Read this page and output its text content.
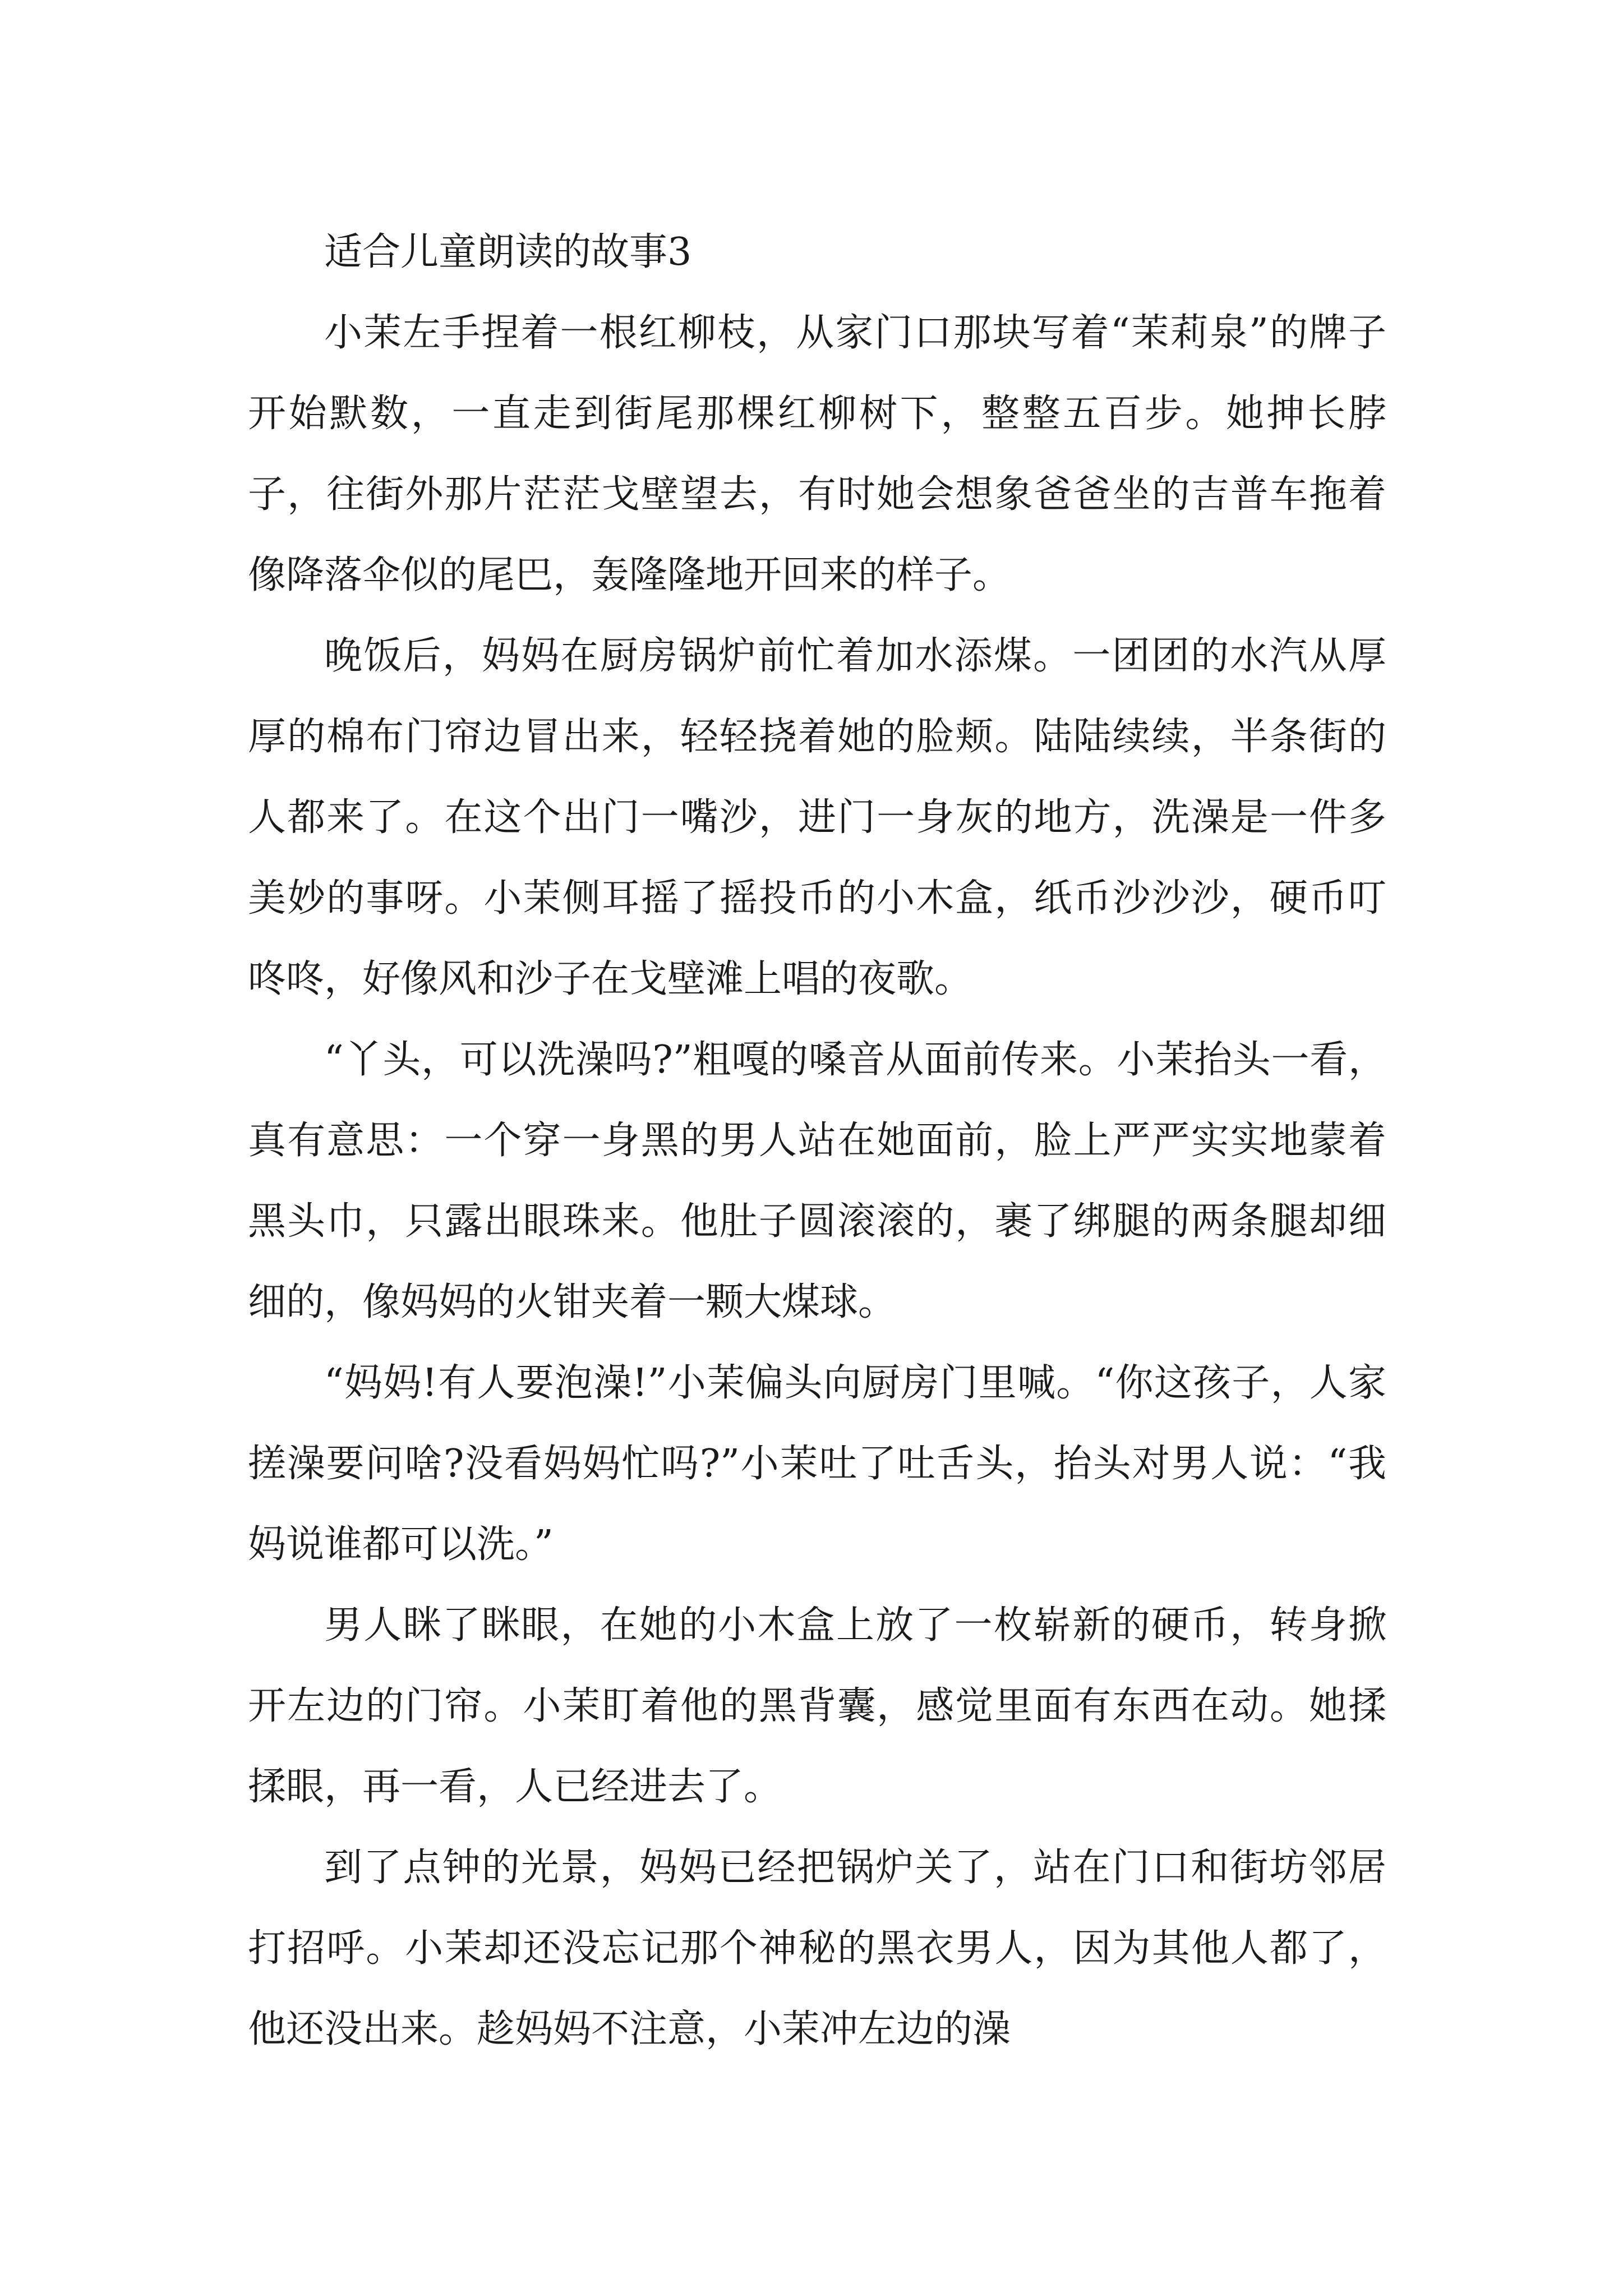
适合儿童朗读的故事3

小茉左手捏着一根红柳枝，从家门口那块写着“茉莉泉”的牌子开始默数，一直走到街尾那棵红柳树下，整整五百步。她抻长脖子，往街外那片茫茫戈壁望去，有时她会想象爸爸坐的吉普车拖着像降落伞似的尾巴，轰隆隆地开回来的样子。

晚饭后，妈妈在厨房锅炉前忙着加水添煤。一团团的水汽从厚厚的棉布门帘边冒出来，轻轻挠着她的脸颊。陆陆续续，半条街的人都来了。在这个出门一嘴沙，进门一身灰的地方，洗澡是一件多美妙的事呀。小茉侧耳摇了摇投币的小木盒，纸币沙沙沙，硬币叮咚咚，好像风和沙子在戈壁滩上唱的夜歌。

“丫头，可以洗澡吗?”粗嘎的嗓音从面前传来。小茉抬头一看，真有意思：一个穿一身黑的男人站在她面前，脸上严严实实地蒙着黑头巾，只露出眼珠来。他肚子圆滚滚的，裹了绑腿的两条腿却细细的，像妈妈的火钳夹着一颗大煤球。

“妈妈!有人要泡澡!”小茉偏头向厨房门里喊。“你这孩子，人家搓澡要问啥?没看妈妈忙吗?”小茉吐了吐舌头，抬头对男人说：“我妈说谁都可以洗。”

男人眯了眯眼，在她的小木盒上放了一枚崭新的硬币，转身掀开左边的门帘。小茉盯着他的黑背囊，感觉里面有东西在动。她揉揉眼，再一看，人已经进去了。

到了点钟的光景，妈妈已经把锅炉关了，站在门口和街坊邻居打招呼。小茉却还没忘记那个神秘的黑衣男人，因为其他人都了，他还没出来。趁妈妈不注意，小茉冲左边的澡
